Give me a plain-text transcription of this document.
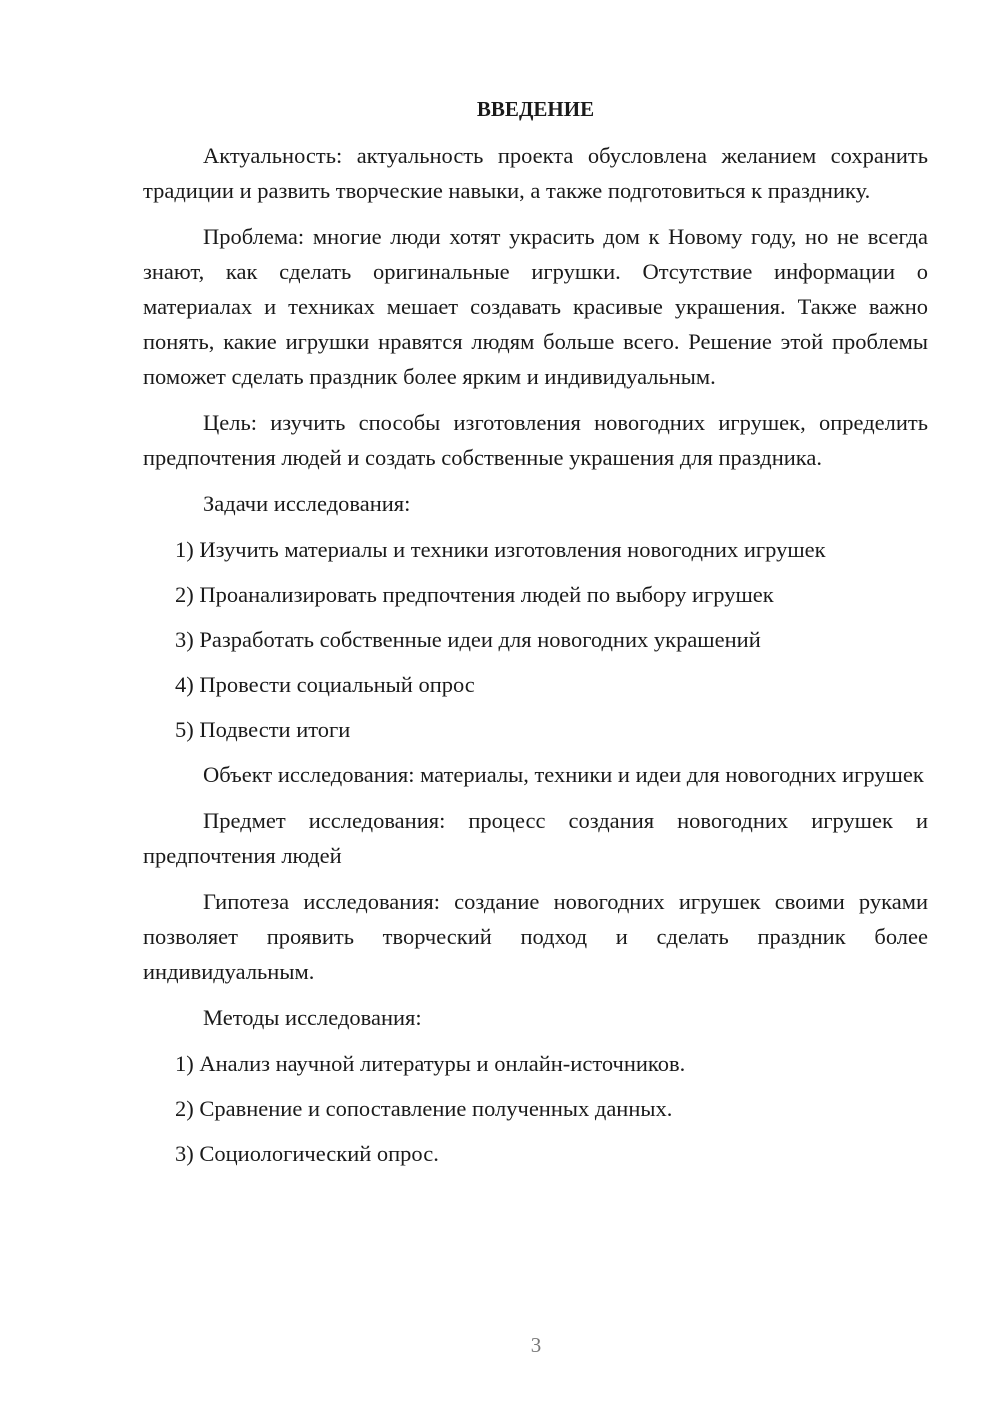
ВВЕДЕНИЕ

Актуальность: актуальность проекта обусловлена желанием сохранить традиции и развить творческие навыки, а также подготовиться к празднику.

Проблема: многие люди хотят украсить дом к Новому году, но не всегда знают, как сделать оригинальные игрушки. Отсутствие информации о материалах и техниках мешает создавать красивые украшения. Также важно понять, какие игрушки нравятся людям больше всего. Решение этой проблемы поможет сделать праздник более ярким и индивидуальным.

Цель: изучить способы изготовления новогодних игрушек, определить предпочтения людей и создать собственные украшения для праздника.

Задачи исследования:

1) Изучить материалы и техники изготовления новогодних игрушек

2) Проанализировать предпочтения людей по выбору игрушек

3) Разработать собственные идеи для новогодних украшений

4) Провести социальный опрос

5) Подвести итоги

Объект исследования: материалы, техники и идеи для новогодних игрушек

Предмет исследования: процесс создания новогодних игрушек и предпочтения людей

Гипотеза исследования: создание новогодних игрушек своими руками позволяет проявить творческий подход и сделать праздник более индивидуальным.

Методы исследования:

1) Анализ научной литературы и онлайн-источников.

2) Сравнение и сопоставление полученных данных.

3) Социологический опрос.

3
